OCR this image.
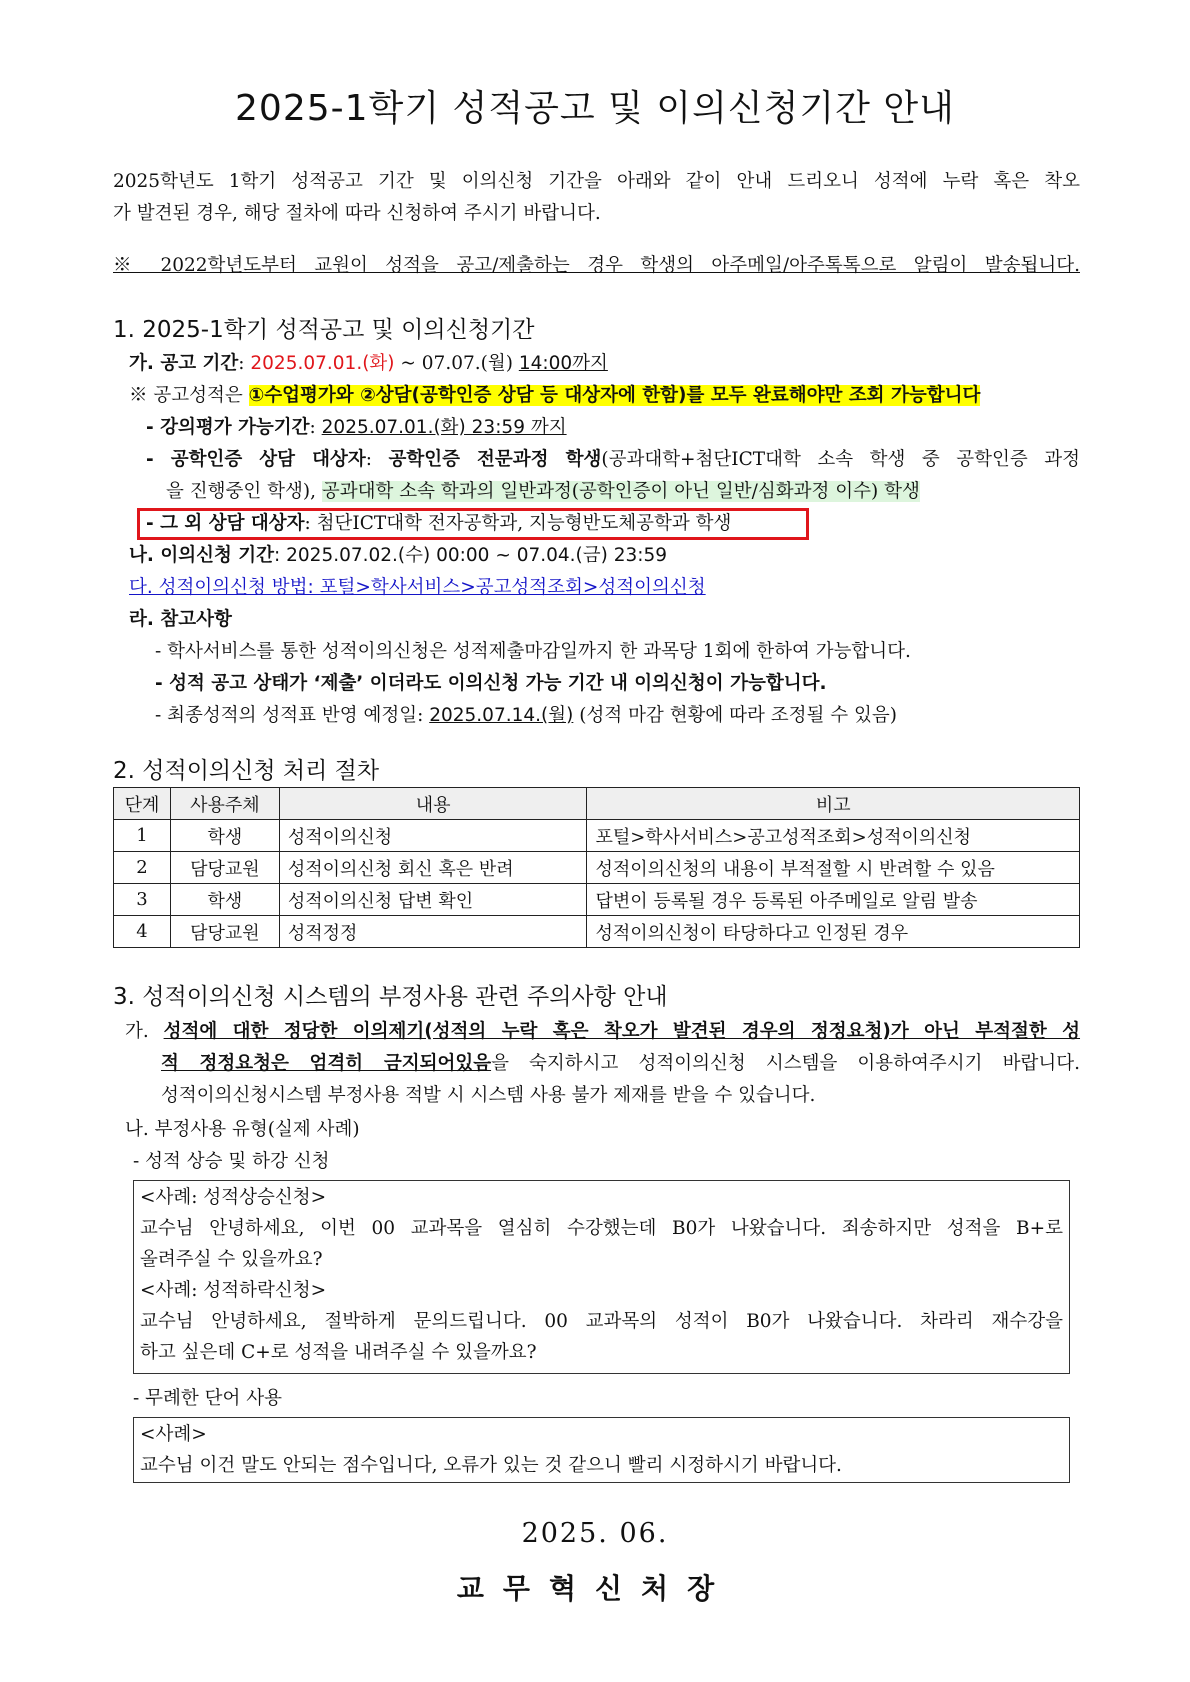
2025-1학기 성적공고 및 이의신청기간 안내
2025학년도 1학기 성적공고 기간 및 이의신청 기간을 아래와 같이 안내 드리오니 성적에 누락 혹은 착오
가 발견된 경우, 해당 절차에 따라 신청하여 주시기 바랍니다.
※ 2022학년도부터 교원이 성적을 공고/제출하는 경우 학생의 아주메일/아주톡톡으로 알림이 발송됩니다.
1. 2025-1학기 성적공고 및 이의신청기간
가. 공고 기간: 2025.07.01.(화) ~ 07.07.(월) 14:00까지
※ 공고성적은 ①수업평가와 ②상담(공학인증 상담 등 대상자에 한함)를 모두 완료해야만 조회 가능합니다
- 강의평가 가능기간: 2025.07.01.(화) 23:59 까지
- 공학인증 상담 대상자: 공학인증 전문과정 학생(공과대학+첨단ICT대학 소속 학생 중 공학인증 과정
을 진행중인 학생), 공과대학 소속 학과의 일반과정(공학인증이 아닌 일반/심화과정 이수) 학생
- 그 외 상담 대상자: 첨단ICT대학 전자공학과, 지능형반도체공학과 학생
나. 이의신청 기간: 2025.07.02.(수) 00:00 ~ 07.04.(금) 23:59
다. 성적이의신청 방법: 포털>학사서비스>공고성적조회>성적이의신청
라. 참고사항
- 학사서비스를 통한 성적이의신청은 성적제출마감일까지 한 과목당 1회에 한하여 가능합니다.
- 성적 공고 상태가 ‘제출’ 이더라도 이의신청 가능 기간 내 이의신청이 가능합니다.
- 최종성적의 성적표 반영 예정일: 2025.07.14.(월) (성적 마감 현황에 따라 조정될 수 있음)
2. 성적이의신청 처리 절차
단계	사용주체	내용	비고
1	학생	성적이의신청	포털>학사서비스>공고성적조회>성적이의신청
2	담당교원	성적이의신청 회신 혹은 반려	성적이의신청의 내용이 부적절할 시 반려할 수 있음
3	학생	성적이의신청 답변 확인	답변이 등록될 경우 등록된 아주메일로 알림 발송
4	담당교원	성적정정	성적이의신청이 타당하다고 인정된 경우
3. 성적이의신청 시스템의 부정사용 관련 주의사항 안내
가. 성적에 대한 정당한 이의제기(성적의 누락 혹은 착오가 발견된 경우의 정정요청)가 아닌 부적절한 성
적 정정요청은 엄격히 금지되어있음을 숙지하시고 성적이의신청 시스템을 이용하여주시기 바랍니다.
성적이의신청시스템 부정사용 적발 시 시스템 사용 불가 제재를 받을 수 있습니다.
나. 부정사용 유형(실제 사례)
- 성적 상승 및 하강 신청
<사례: 성적상승신청>
교수님 안녕하세요, 이번 00 교과목을 열심히 수강했는데 B0가 나왔습니다. 죄송하지만 성적을 B+로
올려주실 수 있을까요?
<사례: 성적하락신청>
교수님 안녕하세요, 절박하게 문의드립니다. 00 교과목의 성적이 B0가 나왔습니다. 차라리 재수강을
하고 싶은데 C+로 성적을 내려주실 수 있을까요?
- 무례한 단어 사용
<사례>
교수님 이건 말도 안되는 점수입니다, 오류가 있는 것 같으니 빨리 시정하시기 바랍니다.
2025. 06.
교무혁신처장
